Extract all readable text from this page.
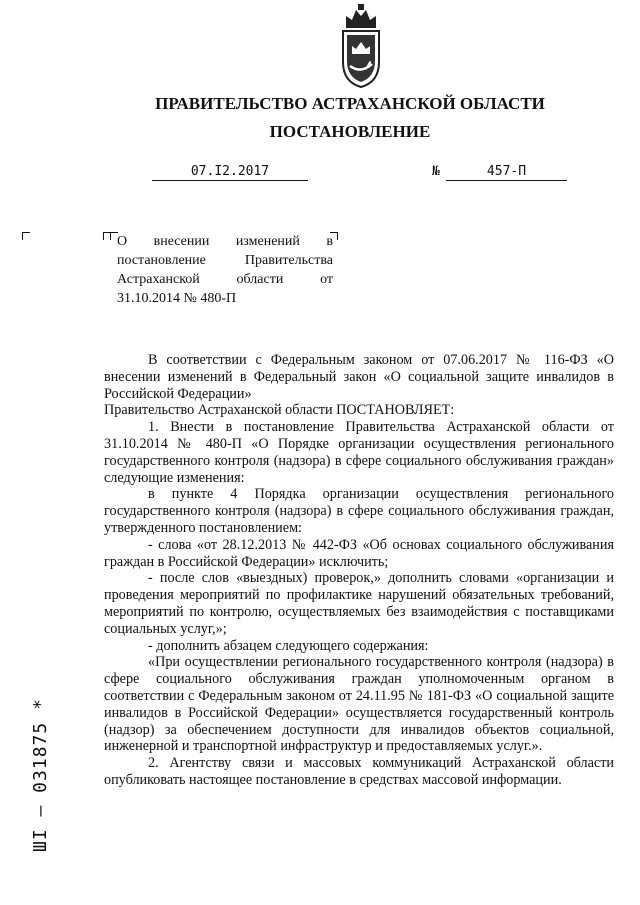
ПРАВИТЕЛЬСТВО АСТРАХАНСКОЙ ОБЛАСТИ
ПОСТАНОВЛЕНИЕ
07.I2.2017	№	457-П
О внесении изменений в постановление Правительства Астраханской области от 31.10.2014 № 480-П

В соответствии с Федеральным законом от 07.06.2017 № 116-ФЗ «О внесении изменений в Федеральный закон «О социальной защите инвалидов в Российской Федерации»

Правительство Астраханской области ПОСТАНОВЛЯЕТ:

1. Внести в постановление Правительства Астраханской области от 31.10.2014 № 480-П «О Порядке организации осуществления регионального государственного контроля (надзора) в сфере социального обслуживания граждан» следующие изменения:

в пункте 4 Порядка организации осуществления регионального государственного контроля (надзора) в сфере социального обслуживания граждан, утвержденного постановлением:

- слова «от 28.12.2013 № 442-ФЗ «Об основах социального обслуживания граждан в Российской Федерации» исключить;

- после слов «выездных) проверок,» дополнить словами «организации и проведения мероприятий по профилактике нарушений обязательных требований, мероприятий по контролю, осуществляемых без взаимодействия с поставщиками социальных услуг,»;

- дополнить абзацем следующего содержания:

«При осуществлении регионального государственного контроля (надзора) в сфере социального обслуживания граждан уполномоченным органом в соответствии с Федеральным законом от 24.11.95 № 181-ФЗ «О социальной защите инвалидов в Российской Федерации» осуществляется государственный контроль (надзор) за обеспечением доступности для инвалидов объектов социальной, инженерной и транспортной инфраструктур и предоставляемых услуг.».

2. Агентству связи и массовых коммуникаций Астраханской области опубликовать настоящее постановление в средствах массовой информации.

ШI – 031875 *
